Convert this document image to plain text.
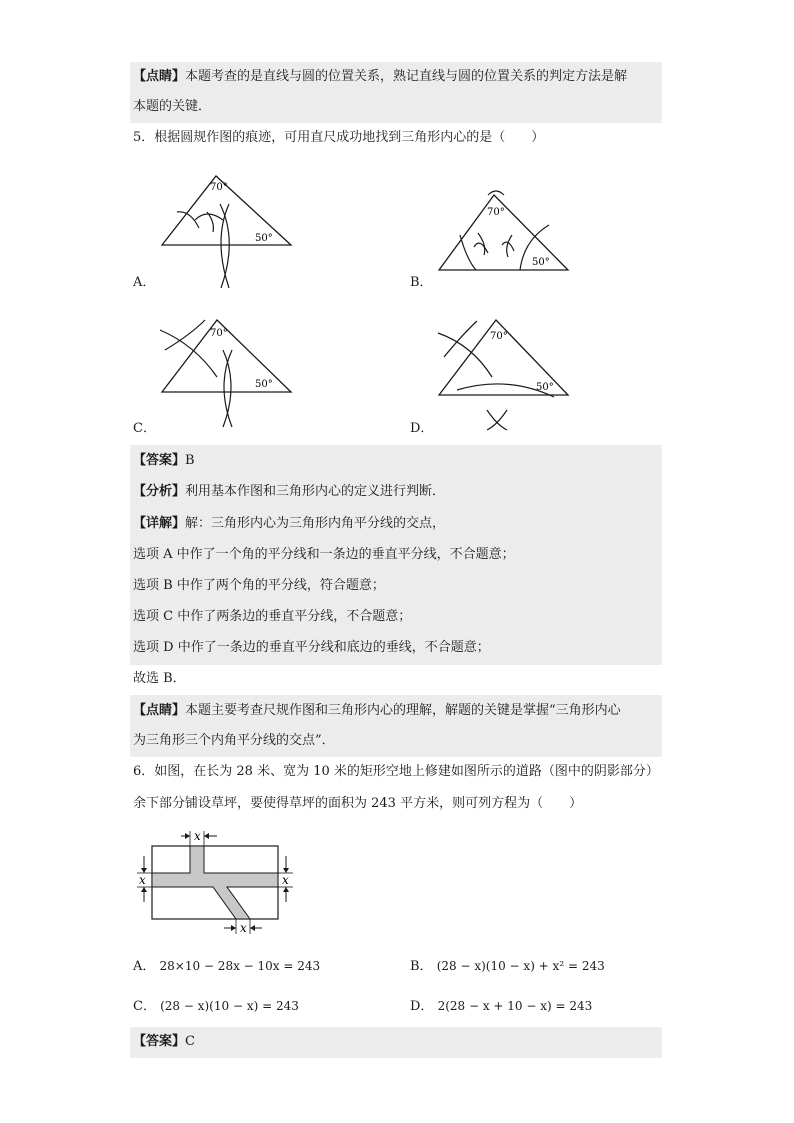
【点睛】本题考查的是直线与圆的位置关系，熟记直线与圆的位置关系的判定方法是解
本题的关键．
5．根据圆规作图的痕迹，可用直尺成功地找到三角形内心的是（　　）
70°
50°
A．
70°
50°
B．
70°
50°
C．
70°
50°
D．
【答案】B
【分析】利用基本作图和三角形内心的定义进行判断．
【详解】解：三角形内心为三角形内角平分线的交点，
选项 A 中作了一个角的平分线和一条边的垂直平分线，不合题意；
选项 B 中作了两个角的平分线，符合题意；
选项 C 中作了两条边的垂直平分线，不合题意；
选项 D 中作了一条边的垂直平分线和底边的垂线，不合题意；
故选 B．
【点睛】本题主要考查尺规作图和三角形内心的理解，解题的关键是掌握“三角形内心
为三角形三个内角平分线的交点”．
6．如图，在长为 28 米、宽为 10 米的矩形空地上修建如图所示的道路（图中的阴影部分）
余下部分铺设草坪，要使得草坪的面积为 243 平方米，则可列方程为（　　）
x
x	x
x
A． 28×10 − 28x − 10x = 243	B． (28 − x)(10 − x) + x² = 243
C． (28 − x)(10 − x) = 243	D． 2(28 − x + 10 − x) = 243
【答案】C
